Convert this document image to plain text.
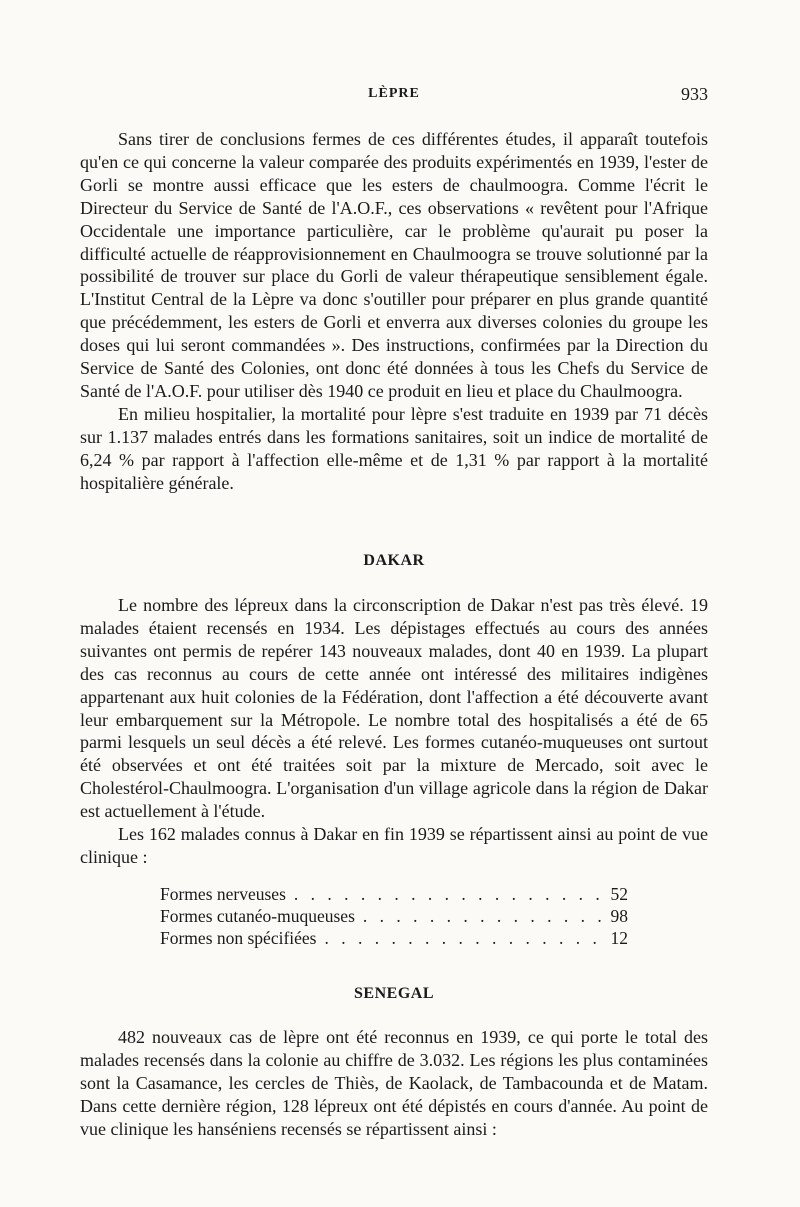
LÈPRE	933

Sans tirer de conclusions fermes de ces différentes études, il apparaît toutefois qu'en ce qui concerne la valeur comparée des produits expérimentés en 1939, l'ester de Gorli se montre aussi efficace que les esters de chaulmoogra. Comme l'écrit le Directeur du Service de Santé de l'A.O.F., ces observations « revêtent pour l'Afrique Occidentale une importance particulière, car le problème qu'aurait pu poser la difficulté actuelle de réapprovisionnement en Chaulmoogra se trouve solutionné par la possibilité de trouver sur place du Gorli de valeur thérapeutique sensiblement égale. L'Institut Central de la Lèpre va donc s'outiller pour préparer en plus grande quantité que précédemment, les esters de Gorli et enverra aux diverses colonies du groupe les doses qui lui seront commandées ». Des instructions, confirmées par la Direction du Service de Santé des Colonies, ont donc été données à tous les Chefs du Service de Santé de l'A.O.F. pour utiliser dès 1940 ce produit en lieu et place du Chaulmoogra.

En milieu hospitalier, la mortalité pour lèpre s'est traduite en 1939 par 71 décès sur 1.137 malades entrés dans les formations sanitaires, soit un indice de mortalité de 6,24 % par rapport à l'affection elle-même et de 1,31 % par rapport à la mortalité hospitalière générale.

DAKAR

Le nombre des lépreux dans la circonscription de Dakar n'est pas très élevé. 19 malades étaient recensés en 1934. Les dépistages effectués au cours des années suivantes ont permis de repérer 143 nouveaux malades, dont 40 en 1939. La plupart des cas reconnus au cours de cette année ont intéressé des militaires indigènes appartenant aux huit colonies de la Fédération, dont l'affection a été découverte avant leur embarquement sur la Métropole. Le nombre total des hospitalisés a été de 65 parmi lesquels un seul décès a été relevé. Les formes cutanéo-muqueuses ont surtout été observées et ont été traitées soit par la mixture de Mercado, soit avec le Cholestérol-Chaulmoogra. L'organisation d'un village agricole dans la région de Dakar est actuellement à l'étude.

Les 162 malades connus à Dakar en fin 1939 se répartissent ainsi au point de vue clinique :

Formes nerveuses . . .	52
Formes cutanéo-muqueuses . . .	98
Formes non spécifiées . . .	12
SENEGAL

482 nouveaux cas de lèpre ont été reconnus en 1939, ce qui porte le total des malades recensés dans la colonie au chiffre de 3.032. Les régions les plus contaminées sont la Casamance, les cercles de Thiès, de Kaolack, de Tambacounda et de Matam. Dans cette dernière région, 128 lépreux ont été dépistés en cours d'année. Au point de vue clinique les hanséniens recensés se répartissent ainsi :
